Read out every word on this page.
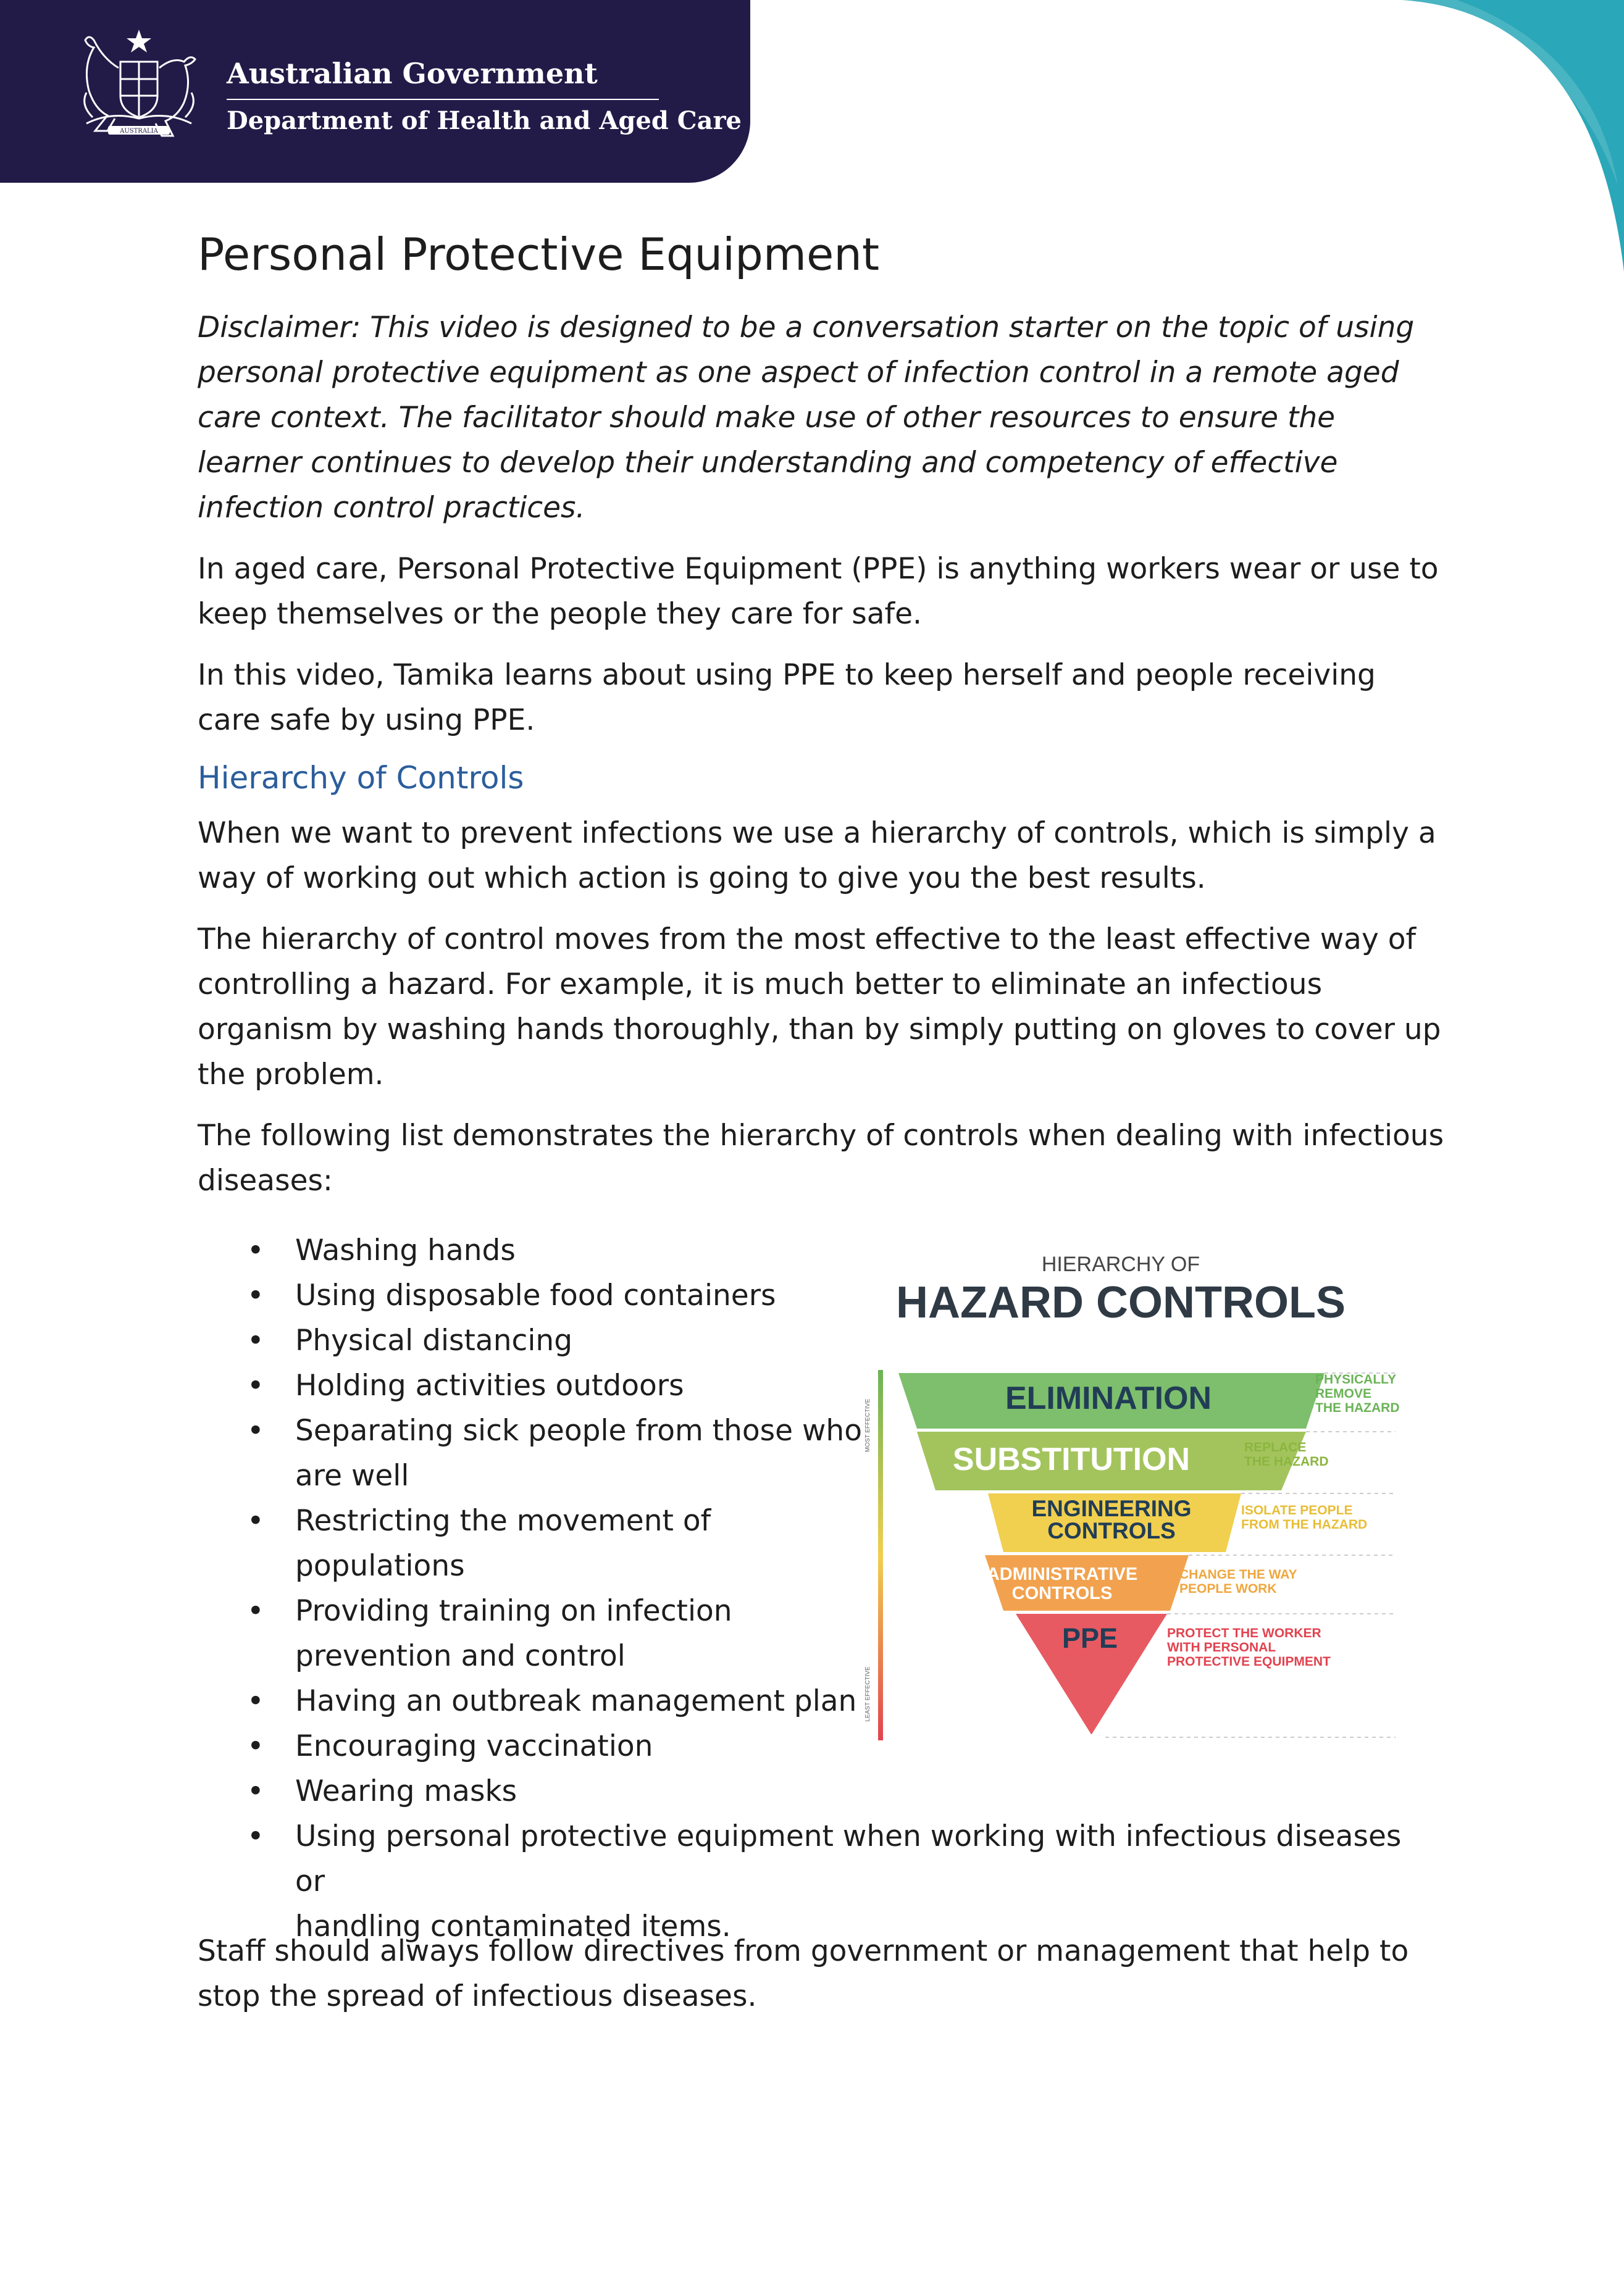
AUSTRALIA
Australian Government
Department of Health and Aged Care
Personal Protective Equipment

Disclaimer: This video is designed to be a conversation starter on the topic of using personal protective equipment as one aspect of infection control in a remote aged care context. The facilitator should make use of other resources to ensure the learner continues to develop their understanding and competency of effective infection control practices.

In aged care, Personal Protective Equipment (PPE) is anything workers wear or use to keep themselves or the people they care for safe.

In this video, Tamika learns about using PPE to keep herself and people receiving care safe by using PPE.

Hierarchy of Controls

When we want to prevent infections we use a hierarchy of controls, which is simply a way of working out which action is going to give you the best results.

The hierarchy of control moves from the most effective to the least effective way of controlling a hazard. For example, it is much better to eliminate an infectious organism by washing hands thoroughly, than by simply putting on gloves to cover up the problem.

The following list demonstrates the hierarchy of controls when dealing with infectious diseases:

• Washing hands
• Using disposable food containers
• Physical distancing
• Holding activities outdoors
• Separating sick people from those who
are well
• Restricting the movement of
populations
• Providing training on infection
prevention and control
• Having an outbreak management plan
• Encouraging vaccination
• Wearing masks
• Using personal protective equipment when working with infectious diseases or
handling contaminated items.
HIERARCHY OF
HAZARD CONTROLS
MOST EFFECTIVE
LEAST EFFECTIVE
ELIMINATION
PHYSICALLY
REMOVE
THE HAZARD
SUBSTITUTION	REPLACE
THE HAZARD
ENGINEERING
CONTROLS
ISOLATE PEOPLE
FROM THE HAZARD
ADMINISTRATIVE
CONTROLS
CHANGE THE WAY
PEOPLE WORK
PPE	PROTECT THE WORKER
WITH PERSONAL
PROTECTIVE EQUIPMENT

Staff should always follow directives from government or management that help to stop the spread of infectious diseases.
